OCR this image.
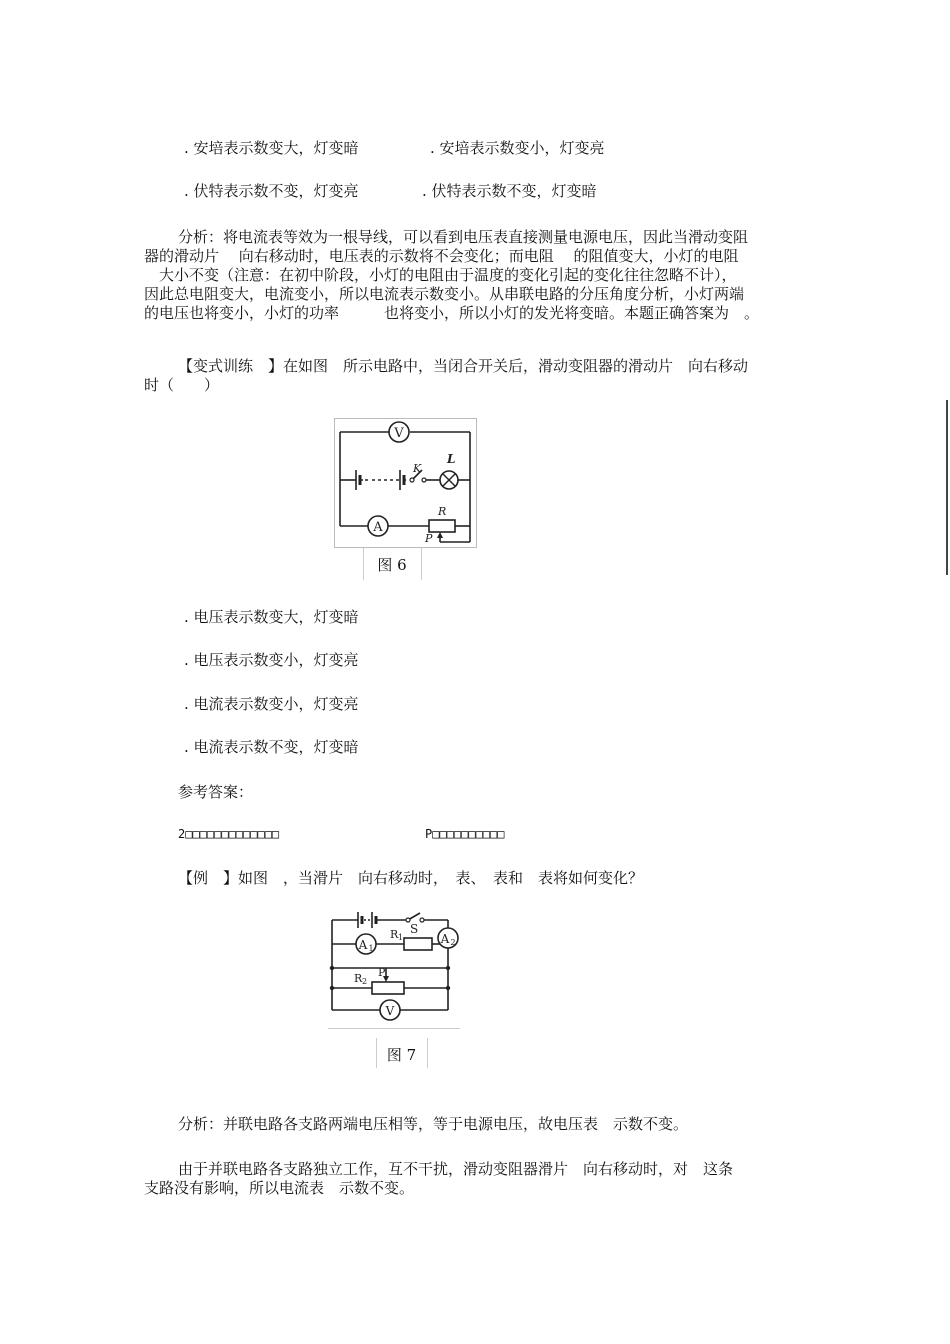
. 安培表示数变大，灯变暗	. 安培表示数变小，灯变亮
. 伏特表示数不变，灯变亮	. 伏特表示数不变，灯变暗

分析：将电流表等效为一根导线，可以看到电压表直接测量电源电压，因此当滑动变阻

器的滑动片　 向右移动时，电压表的示数将不会变化；而电阻　 的阻值变大，小灯的电阻

　大小不变（注意：在初中阶段，小灯的电阻由于温度的变化引起的变化往往忽略不计），

因此总电阻变大，电流变小，所以电流表示数变小。从串联电路的分压角度分析，小灯两端

的电压也将变小，小灯的功率　　　也将变小，所以小灯的发光将变暗。本题正确答案为　。

【变式训练　】在如图　所示电路中，当闭合开关后，滑动变阻器的滑动片　向右移动

时（　　）

V
A
K
L
R
P
图 6
. 电压表示数变大，灯变暗
. 电压表示数变小，灯变亮
. 电流表示数变小，灯变亮
. 电流表示数不变，灯变暗
参考答案：
2□□□□□□□□□□□□□	P□□□□□□□□□□
【例　】如图　，当滑片　向右移动时，　表、　表和　表将如何变化？
A 2
A 1
V
S
R 1
R 2
P
图 7
分析：并联电路各支路两端电压相等，等于电源电压，故电压表　示数不变。

由于并联电路各支路独立工作，互不干扰，滑动变阻器滑片　向右移动时，对　这条

支路没有影响，所以电流表　示数不变。
